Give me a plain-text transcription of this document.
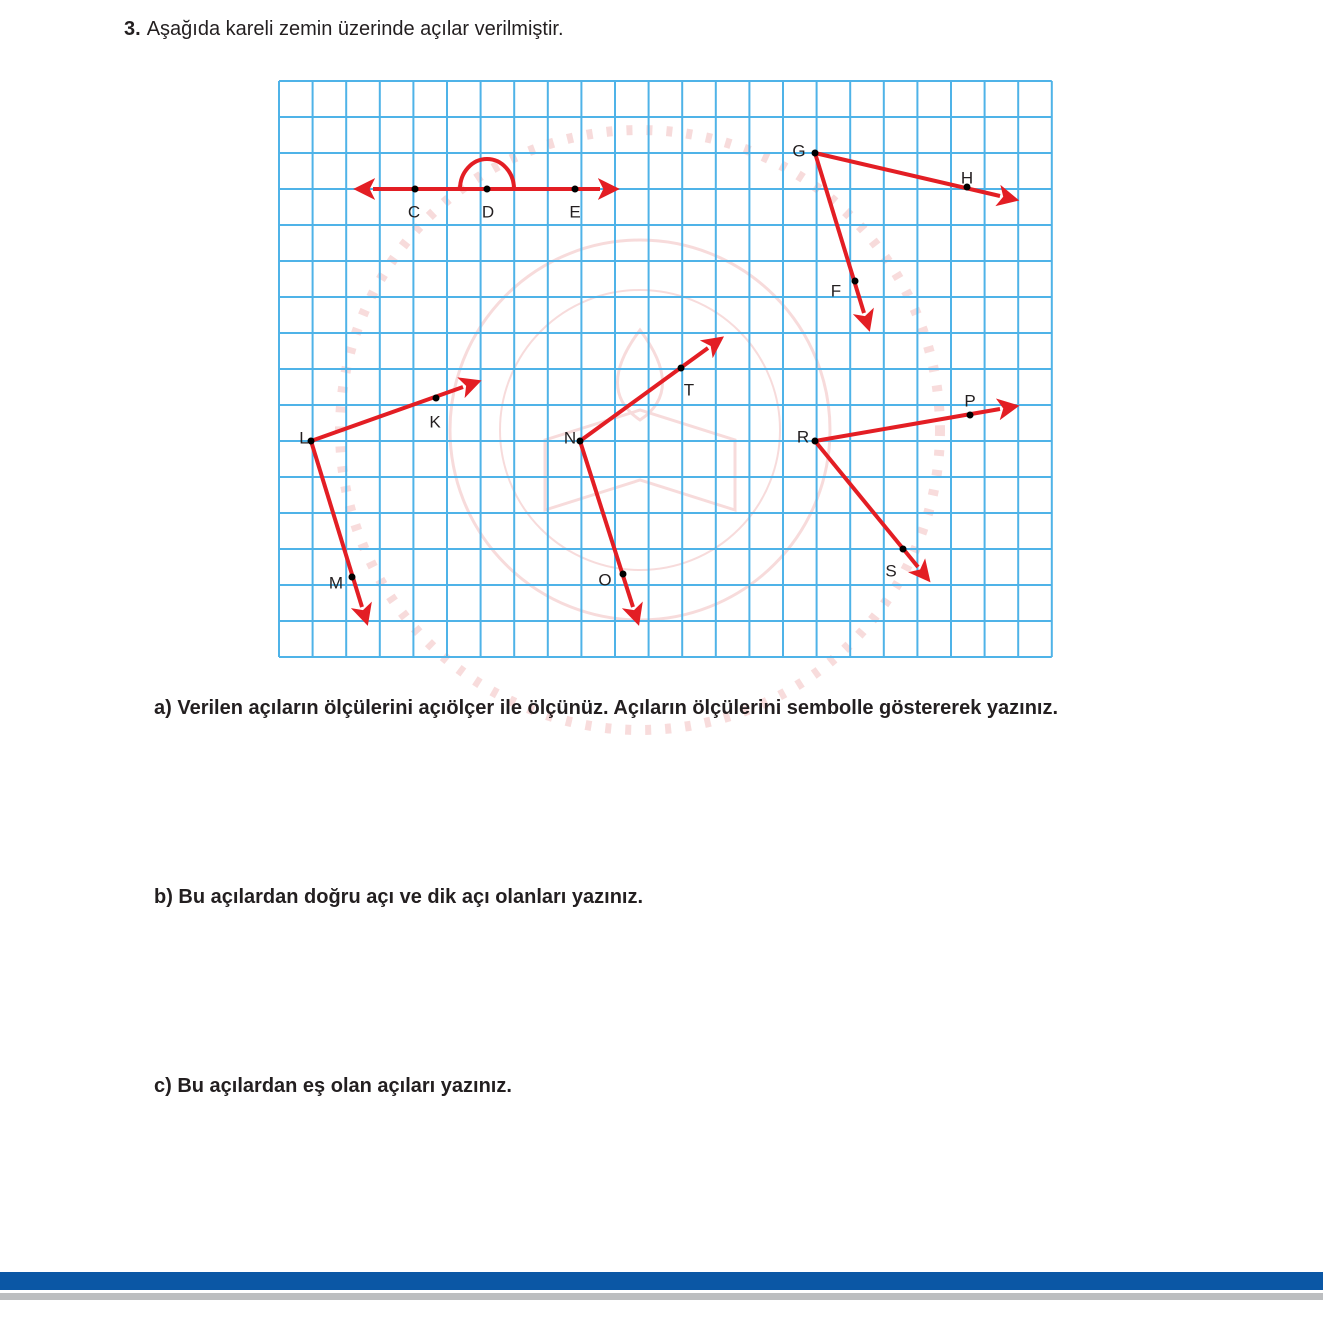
3. Aşağıda kareli zemin üzerinde açılar verilmiştir.
C	D	E
G
H
F
L
K
M
N
T
O
R
P
S
a) Verilen açıların ölçülerini açıölçer ile ölçünüz. Açıların ölçülerini sembolle göstererek yazınız.
b) Bu açılardan doğru açı ve dik açı olanları yazınız.
c) Bu açılardan eş olan açıları yazınız.
